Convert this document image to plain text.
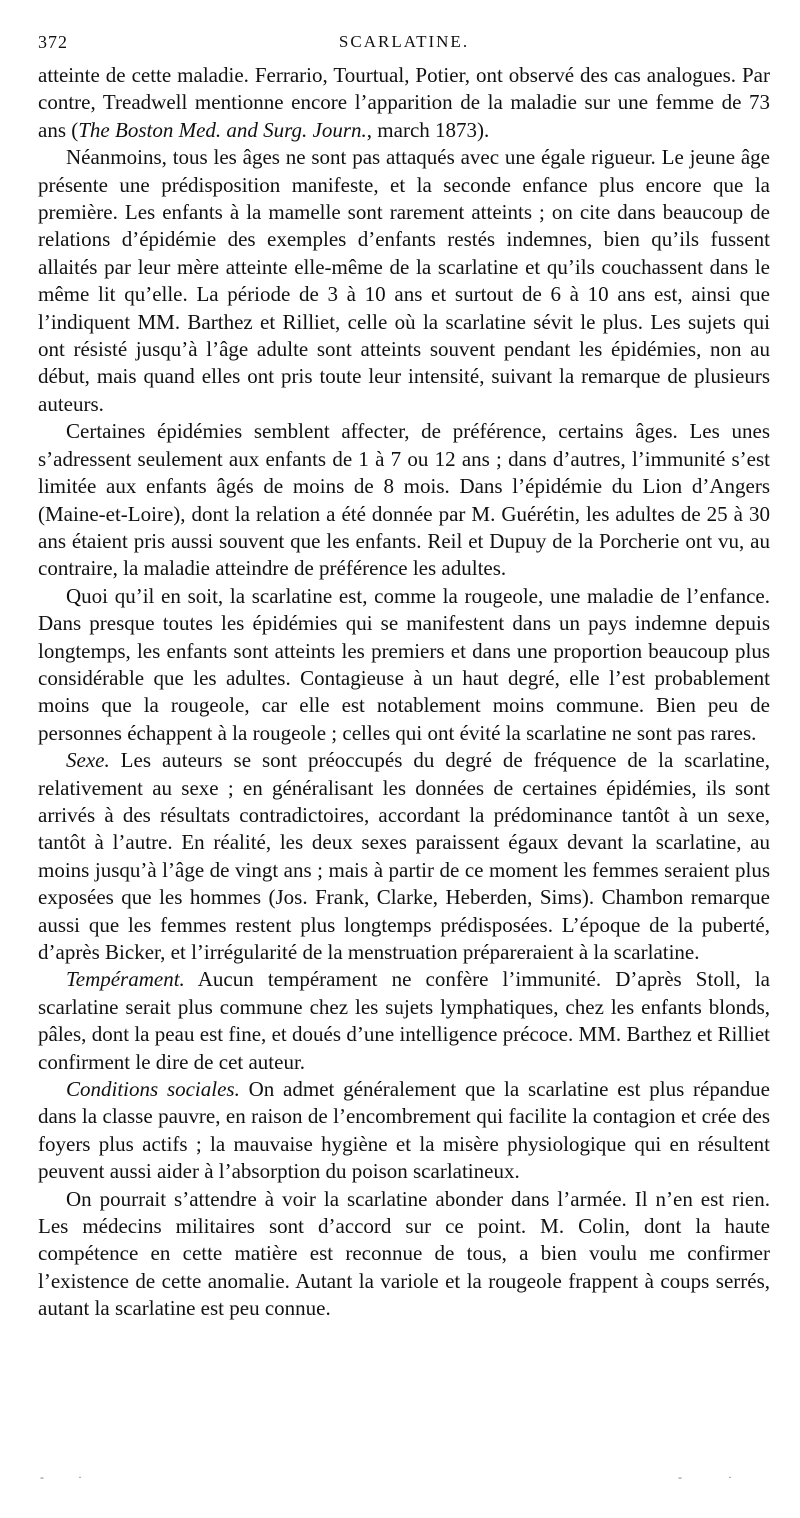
372	SCARLATINE.

atteinte de cette maladie. Ferrario, Tourtual, Potier, ont observé des cas analogues. Par contre, Treadwell mentionne encore l’apparition de la maladie sur une femme de 73 ans (The Boston Med. and Surg. Journ., march 1873).

Néanmoins, tous les âges ne sont pas attaqués avec une égale rigueur. Le jeune âge présente une prédisposition manifeste, et la seconde enfance plus encore que la première. Les enfants à la mamelle sont rarement atteints ; on cite dans beaucoup de relations d’épidémie des exemples d’enfants restés indemnes, bien qu’ils fussent allaités par leur mère atteinte elle-même de la scarlatine et qu’ils couchassent dans le même lit qu’elle. La période de 3 à 10 ans et surtout de 6 à 10 ans est, ainsi que l’indiquent MM. Barthez et Rilliet, celle où la scarlatine sévit le plus. Les sujets qui ont résisté jusqu’à l’âge adulte sont atteints souvent pendant les épidémies, non au début, mais quand elles ont pris toute leur intensité, suivant la remarque de plusieurs auteurs.

Certaines épidémies semblent affecter, de préférence, certains âges. Les unes s’adressent seulement aux enfants de 1 à 7 ou 12 ans ; dans d’autres, l’immunité s’est limitée aux enfants âgés de moins de 8 mois. Dans l’épidémie du Lion d’Angers (Maine-et-Loire), dont la relation a été donnée par M. Guérétin, les adultes de 25 à 30 ans étaient pris aussi souvent que les enfants. Reil et Dupuy de la Porcherie ont vu, au contraire, la maladie atteindre de préférence les adultes.

Quoi qu’il en soit, la scarlatine est, comme la rougeole, une maladie de l’enfance. Dans presque toutes les épidémies qui se manifestent dans un pays indemne depuis longtemps, les enfants sont atteints les premiers et dans une proportion beaucoup plus considérable que les adultes. Contagieuse à un haut degré, elle l’est probablement moins que la rougeole, car elle est notablement moins commune. Bien peu de personnes échappent à la rougeole ; celles qui ont évité la scarlatine ne sont pas rares.

Sexe. Les auteurs se sont préoccupés du degré de fréquence de la scarlatine, relativement au sexe ; en généralisant les données de certaines épidémies, ils sont arrivés à des résultats contradictoires, accordant la prédominance tantôt à un sexe, tantôt à l’autre. En réalité, les deux sexes paraissent égaux devant la scarlatine, au moins jusqu’à l’âge de vingt ans ; mais à partir de ce moment les femmes seraient plus exposées que les hommes (Jos. Frank, Clarke, Heberden, Sims). Chambon remarque aussi que les femmes restent plus longtemps prédisposées. L’époque de la puberté, d’après Bicker, et l’irrégularité de la menstruation prépareraient à la scarlatine.

Tempérament. Aucun tempérament ne confère l’immunité. D’après Stoll, la scarlatine serait plus commune chez les sujets lymphatiques, chez les enfants blonds, pâles, dont la peau est fine, et doués d’une intelligence précoce. MM. Barthez et Rilliet confirment le dire de cet auteur.

Conditions sociales. On admet généralement que la scarlatine est plus répandue dans la classe pauvre, en raison de l’encombrement qui facilite la contagion et crée des foyers plus actifs ; la mauvaise hygiène et la misère physiologique qui en résultent peuvent aussi aider à l’absorption du poison scarlatineux.

On pourrait s’attendre à voir la scarlatine abonder dans l’armée. Il n’en est rien. Les médecins militaires sont d’accord sur ce point. M. Colin, dont la haute compétence en cette matière est reconnue de tous, a bien voulu me confirmer l’existence de cette anomalie. Autant la variole et la rougeole frappent à coups serrés, autant la scarlatine est peu connue.

-	·	-	·
